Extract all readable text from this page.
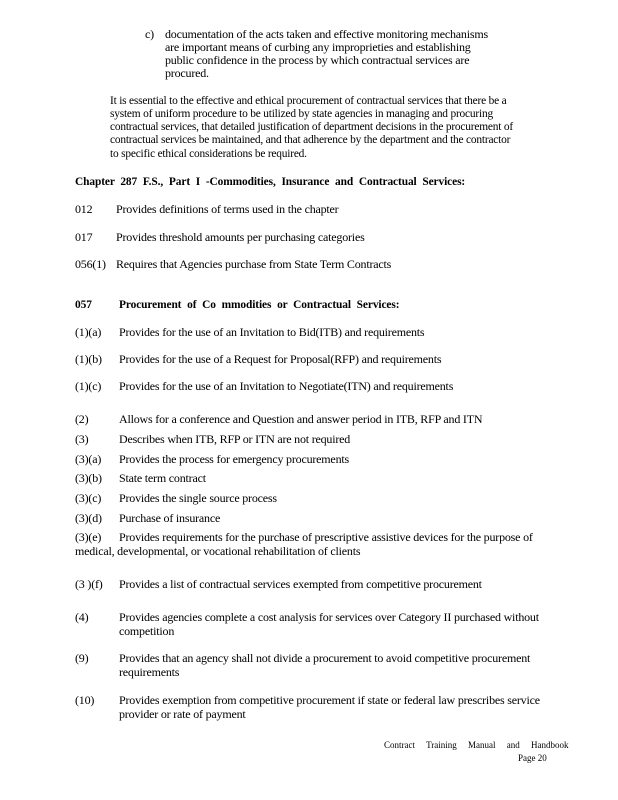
c) documentation of the acts taken and effective monitoring mechanisms
are important means of curbing any improprieties and establishing
public confidence in the process by which contractual services are
procured.
It is essential to the effective and ethical procurement of contractual services that there be a
system of uniform procedure to be utilized by state agencies in managing and procuring
contractual services, that detailed justification of department decisions in the procurement of
contractual services be maintained, and that adherence by the department and the contractor
to specific ethical considerations be required.
Chapter 287 F.S., Part I -Commodities, Insurance and Contractual Services:
012 Provides definitions of terms used in the chapter
017 Provides threshold amounts per purchasing categories
056(1) Requires that Agencies purchase from State Term Contracts
057 Procurement of Co mmodities or Contractual Services:
(1)(a) Provides for the use of an Invitation to Bid(ITB) and requirements
(1)(b) Provides for the use of a Request for Proposal(RFP) and requirements
(1)(c) Provides for the use of an Invitation to Negotiate(ITN) and requirements
(2)	Allows for a conference and Question and answer period in ITB, RFP and ITN
(3)	Describes when ITB, RFP or ITN are not required
(3)(a) Provides the process for emergency procurements
(3)(b) State term contract
(3)(c) Provides the single source process
(3)(d) Purchase of insurance
(3)(e) Provides requirements for the purchase of prescriptive assistive devices for the purpose of
medical, developmental, or vocational rehabilitation of clients
(3 )(f) Provides a list of contractual services exempted from competitive procurement
(4)	Provides agencies complete a cost analysis for services over Category II purchased without
competition
(9)	Provides that an agency shall not divide a procurement to avoid competitive procurement
requirements
(10) Provides exemption from competitive procurement if state or federal law prescribes service
provider or rate of payment
Contract Training Manual and Handbook
Page 20
